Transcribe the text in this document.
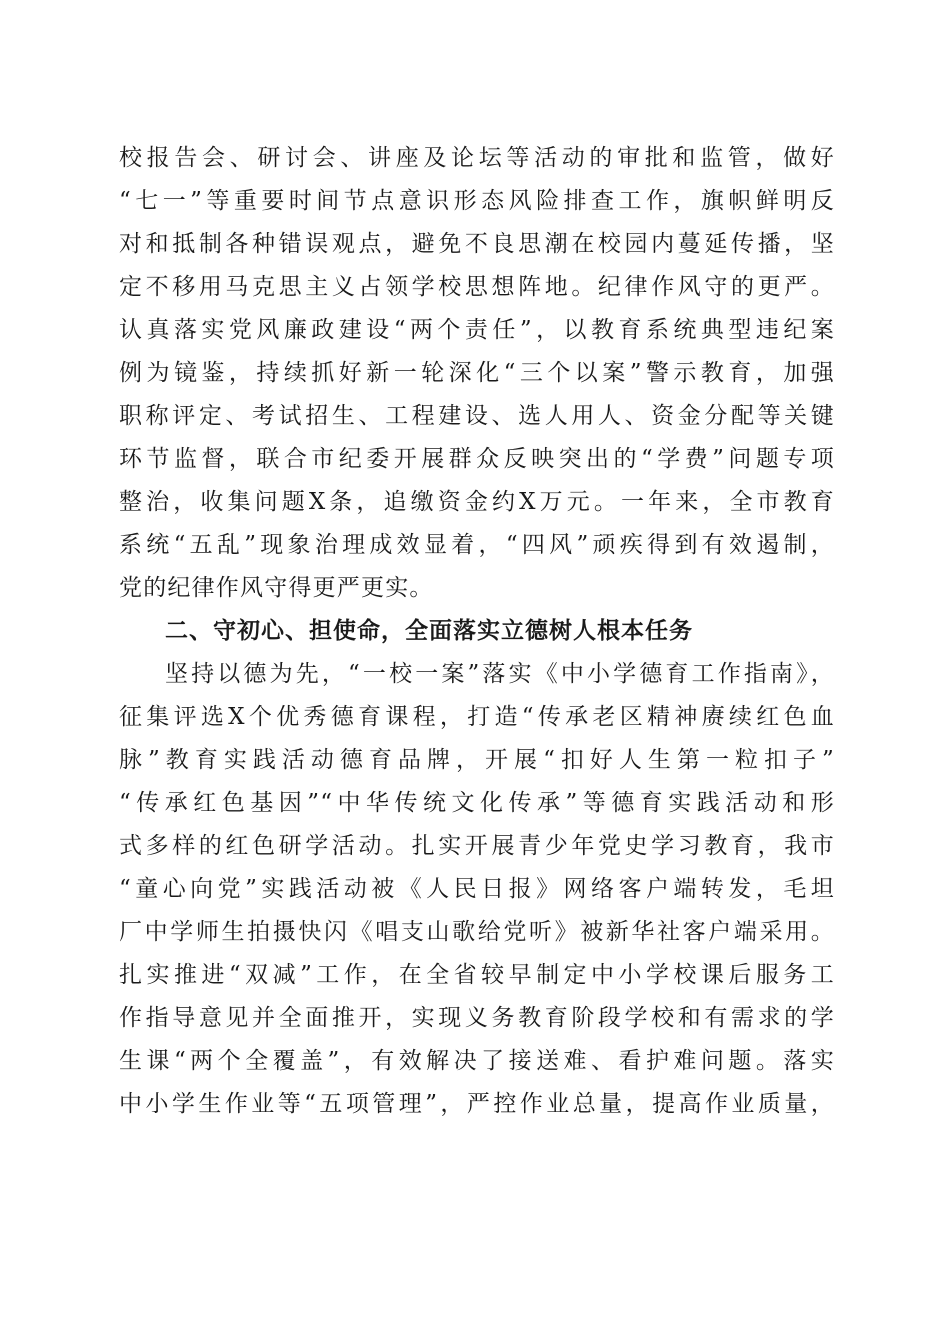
校报告会、研讨会、讲座及论坛等活动的审批和监管，做好
“七一”等重要时间节点意识形态风险排查工作，旗帜鲜明反
对和抵制各种错误观点，避免不良思潮在校园内蔓延传播，坚
定不移用马克思主义占领学校思想阵地。纪律作风守的更严。
认真落实党风廉政建设“两个责任”，以教育系统典型违纪案
例为镜鉴，持续抓好新一轮深化“三个以案”警示教育，加强
职称评定、考试招生、工程建设、选人用人、资金分配等关键
环节监督，联合市纪委开展群众反映突出的“学费”问题专项
整治，收集问题X条，追缴资金约X万元。一年来，全市教育
系统“五乱”现象治理成效显着，“四风”顽疾得到有效遏制，
党的纪律作风守得更严更实。
二、守初心、担使命，全面落实立德树人根本任务
坚持以德为先，“一校一案”落实《中小学德育工作指南》，
征集评选X个优秀德育课程，打造“传承老区精神赓续红色血
脉”教育实践活动德育品牌，开展“扣好人生第一粒扣子”
“传承红色基因”“中华传统文化传承”等德育实践活动和形
式多样的红色研学活动。扎实开展青少年党史学习教育，我市
“童心向党”实践活动被《人民日报》网络客户端转发，毛坦
厂中学师生拍摄快闪《唱支山歌给党听》被新华社客户端采用。
扎实推进“双减”工作，在全省较早制定中小学校课后服务工
作指导意见并全面推开，实现义务教育阶段学校和有需求的学
生课“两个全覆盖”，有效解决了接送难、看护难问题。落实
中小学生作业等“五项管理”，严控作业总量，提高作业质量，
